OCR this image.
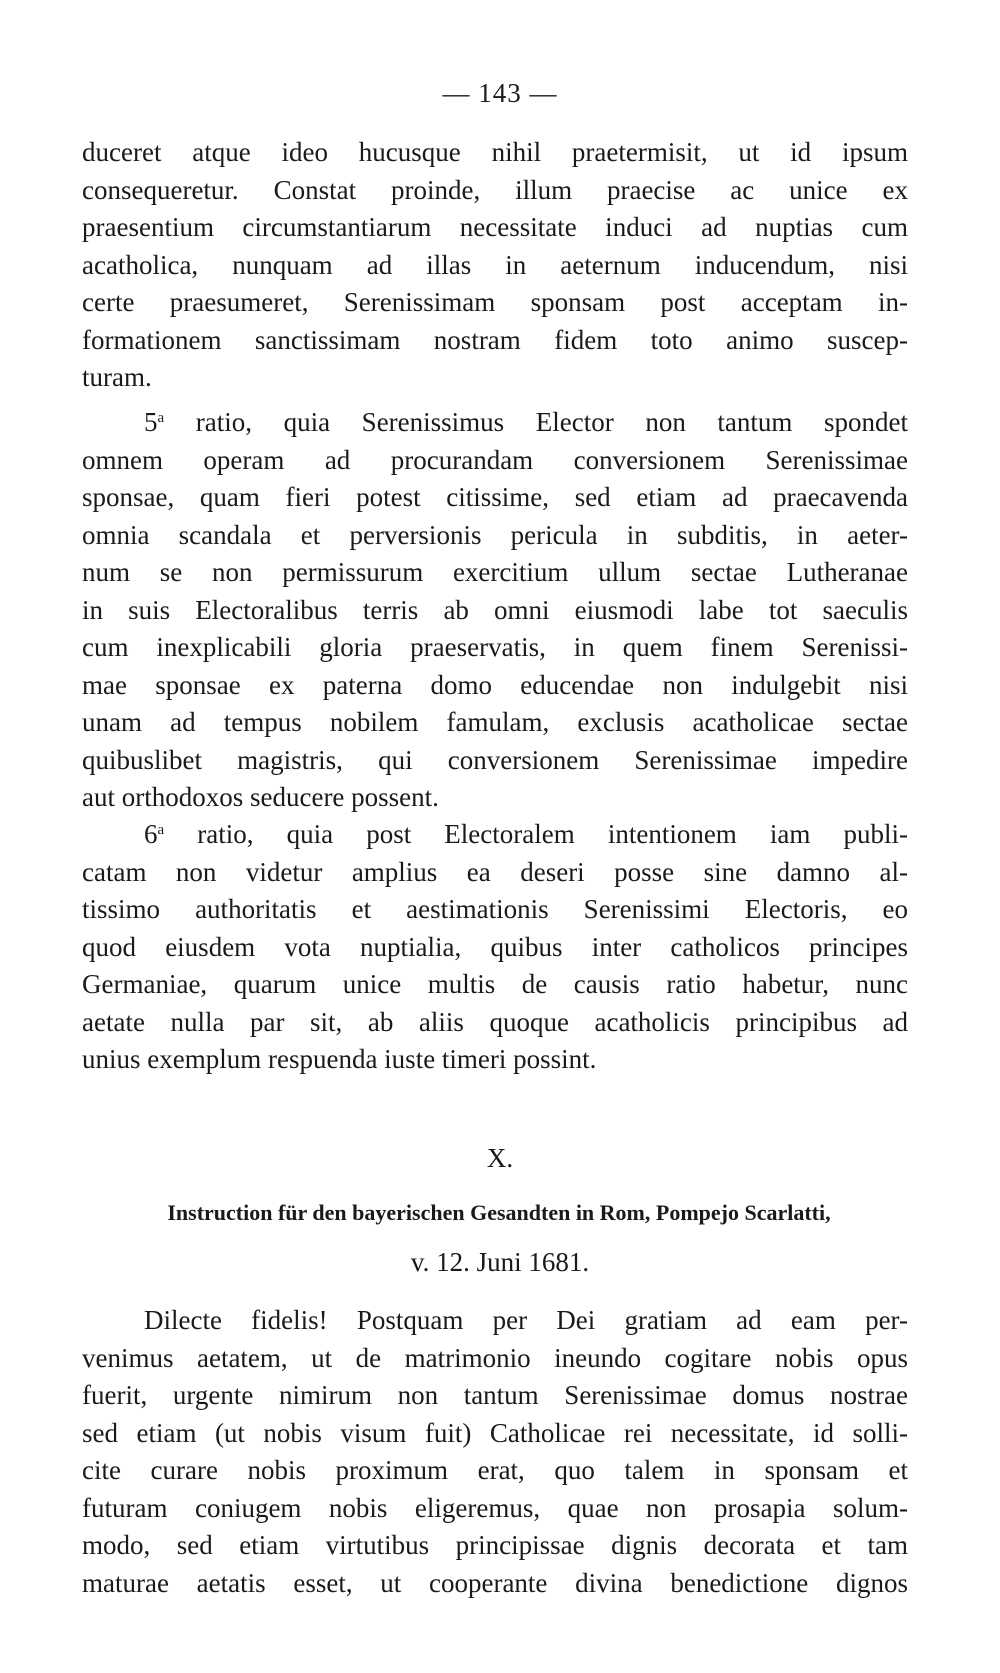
— 143 —
duceret atque ideo hucusque nihil praetermisit, ut id ipsum
consequeretur. Constat proinde, illum praecise ac unice ex
praesentium circumstantiarum necessitate induci ad nuptias cum
acatholica, nunquam ad illas in aeternum inducendum, nisi
certe praesumeret, Serenissimam sponsam post acceptam in-
formationem sanctissimam nostram fidem toto animo suscep-
turam.
5$^a$ ratio, quia Serenissimus Elector non tantum spondet
omnem operam ad procurandam conversionem Serenissimae
sponsae, quam fieri potest citissime, sed etiam ad praecavenda
omnia scandala et perversionis pericula in subditis, in aeter-
num se non permissurum exercitium ullum sectae Lutheranae
in suis Electoralibus terris ab omni eiusmodi labe tot saeculis
cum inexplicabili gloria praeservatis, in quem finem Serenissi-
mae sponsae ex paterna domo educendae non indulgebit nisi
unam ad tempus nobilem famulam, exclusis acatholicae sectae
quibuslibet magistris, qui conversionem Serenissimae impedire
aut orthodoxos seducere possent.
6$^a$ ratio, quia post Electoralem intentionem iam publi-
catam non videtur amplius ea deseri posse sine damno al-
tissimo authoritatis et aestimationis Serenissimi Electoris, eo
quod eiusdem vota nuptialia, quibus inter catholicos principes
Germaniae, quarum unice multis de causis ratio habetur, nunc
aetate nulla par sit, ab aliis quoque acatholicis principibus ad
unius exemplum respuenda iuste timeri possint.
X.
Instruction für den bayerischen Gesandten in Rom, Pompejo Scarlatti,
v. 12. Juni 1681.
Dilecte fidelis! Postquam per Dei gratiam ad eam per-
venimus aetatem, ut de matrimonio ineundo cogitare nobis opus
fuerit, urgente nimirum non tantum Serenissimae domus nostrae
sed etiam (ut nobis visum fuit) Catholicae rei necessitate, id solli-
cite curare nobis proximum erat, quo talem in sponsam et
futuram coniugem nobis eligeremus, quae non prosapia solum-
modo, sed etiam virtutibus principissae dignis decorata et tam
maturae aetatis esset, ut cooperante divina benedictione dignos
